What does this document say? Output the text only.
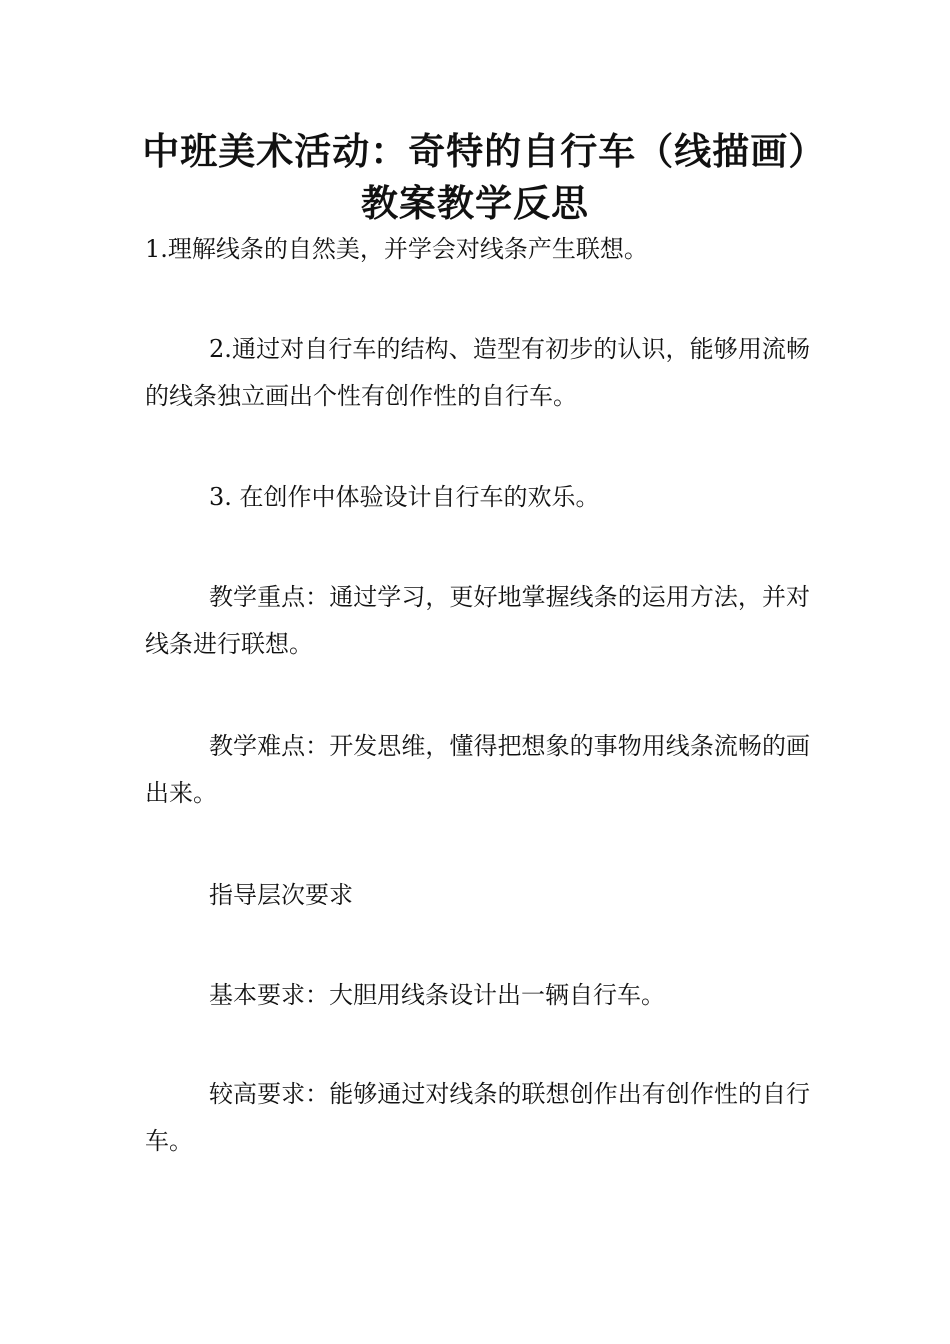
中班美术活动：奇特的自行车（线描画）教案教学反思

1.理解线条的自然美，并学会对线条产生联想。

2.通过对自行车的结构、造型有初步的认识，能够用流畅的线条独立画出个性有创作性的自行车。

3. 在创作中体验设计自行车的欢乐。

教学重点：通过学习，更好地掌握线条的运用方法，并对线条进行联想。

教学难点：开发思维，懂得把想象的事物用线条流畅的画出来。

指导层次要求

基本要求：大胆用线条设计出一辆自行车。

较高要求：能够通过对线条的联想创作出有创作性的自行车。
